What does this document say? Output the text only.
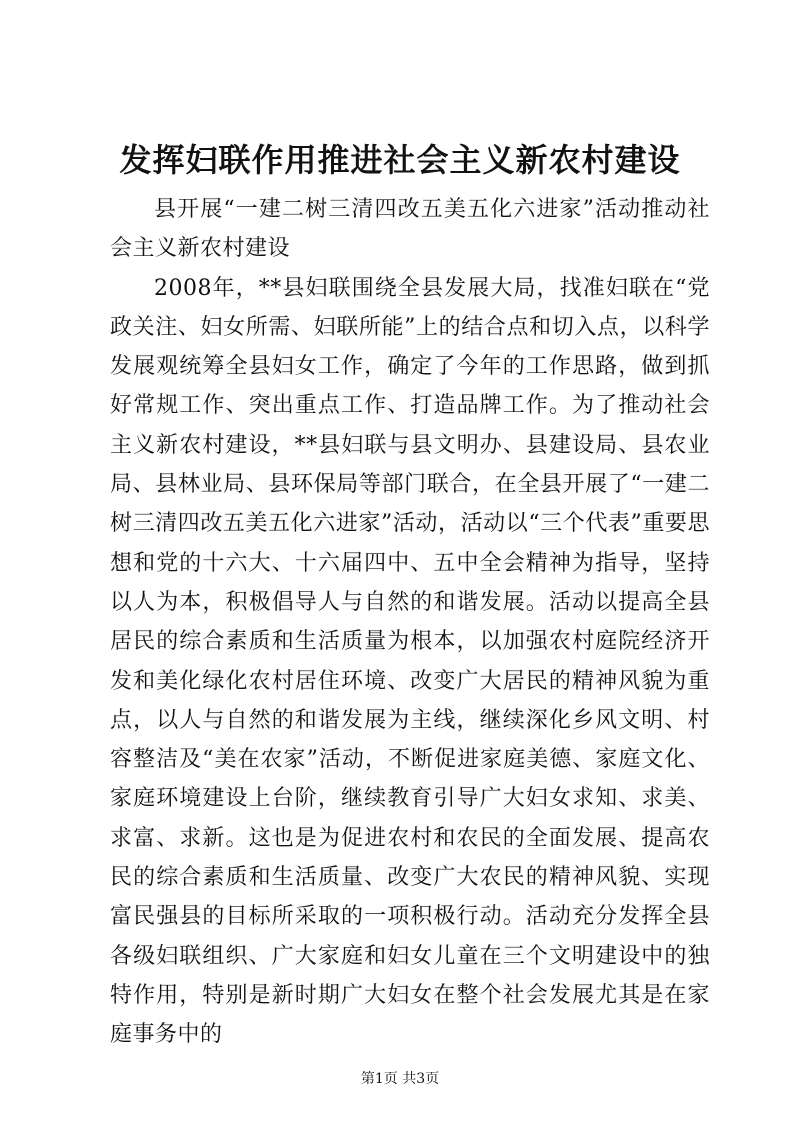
发挥妇联作用推进社会主义新农村建设

县开展“一建二树三清四改五美五化六进家”活动推动社会主义新农村建设

2008年，**县妇联围绕全县发展大局，找准妇联在“党政关注、妇女所需、妇联所能”上的结合点和切入点，以科学发展观统筹全县妇女工作，确定了今年的工作思路，做到抓好常规工作、突出重点工作、打造品牌工作。为了推动社会主义新农村建设，**县妇联与县文明办、县建设局、县农业局、县林业局、县环保局等部门联合，在全县开展了“一建二树三清四改五美五化六进家”活动，活动以“三个代表”重要思想和党的十六大、十六届四中、五中全会精神为指导，坚持以人为本，积极倡导人与自然的和谐发展。活动以提高全县居民的综合素质和生活质量为根本，以加强农村庭院经济开发和美化绿化农村居住环境、改变广大居民的精神风貌为重点，以人与自然的和谐发展为主线，继续深化乡风文明、村容整洁及“美在农家”活动，不断促进家庭美德、家庭文化、家庭环境建设上台阶，继续教育引导广大妇女求知、求美、求富、求新。这也是为促进农村和农民的全面发展、提高农民的综合素质和生活质量、改变广大农民的精神风貌、实现富民强县的目标所采取的一项积极行动。活动充分发挥全县各级妇联组织、广大家庭和妇女儿童在三个文明建设中的独特作用，特别是新时期广大妇女在整个社会发展尤其是在家庭事务中的

第1页 共3页
